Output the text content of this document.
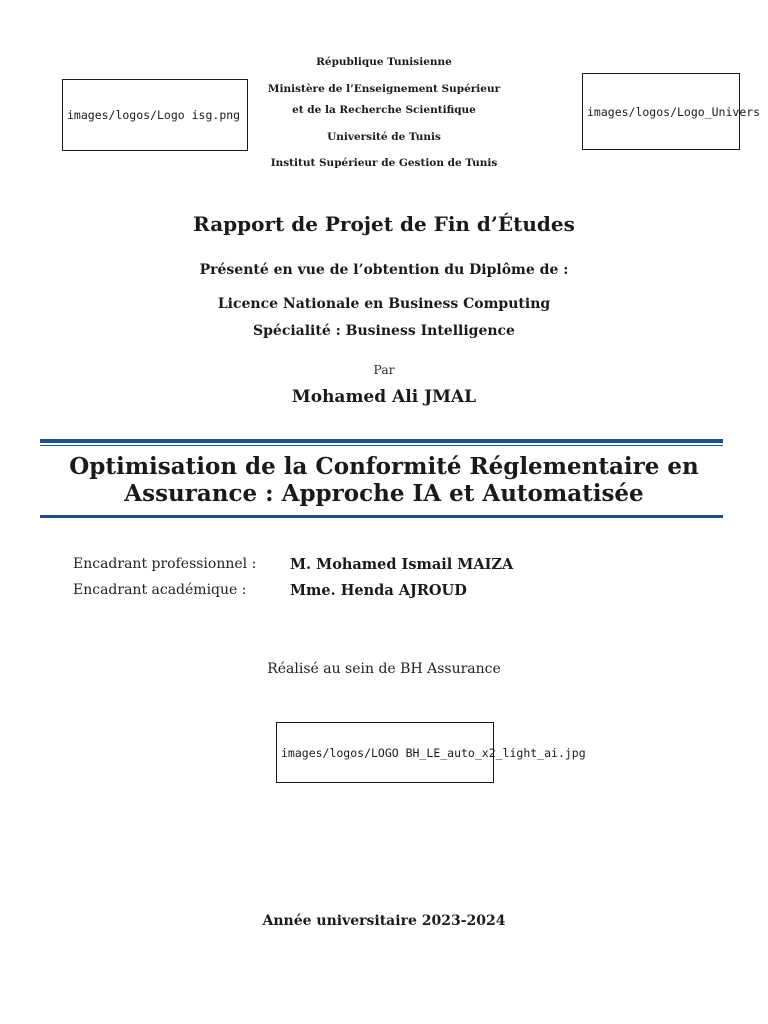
images/logos/Logo isg.png	images/logos/Logo_Univers
République Tunisienne
Ministère de l’Enseignement Supérieur
et de la Recherche Scientifique
Université de Tunis
Institut Supérieur de Gestion de Tunis
Rapport de Projet de Fin d’Études
Présenté en vue de l’obtention du Diplôme de :
Licence Nationale en Business Computing
Spécialité : Business Intelligence
Par
Mohamed Ali JMAL
Optimisation de la Conformité Réglementaire en
Assurance : Approche IA et Automatisée
Encadrant professionnel : M. Mohamed Ismail MAIZA
Encadrant académique :	Mme. Henda AJROUD
Réalisé au sein de BH Assurance
images/logos/LOGO BH_LE_auto_x2_light_ai.jpg
Année universitaire 2023-2024
